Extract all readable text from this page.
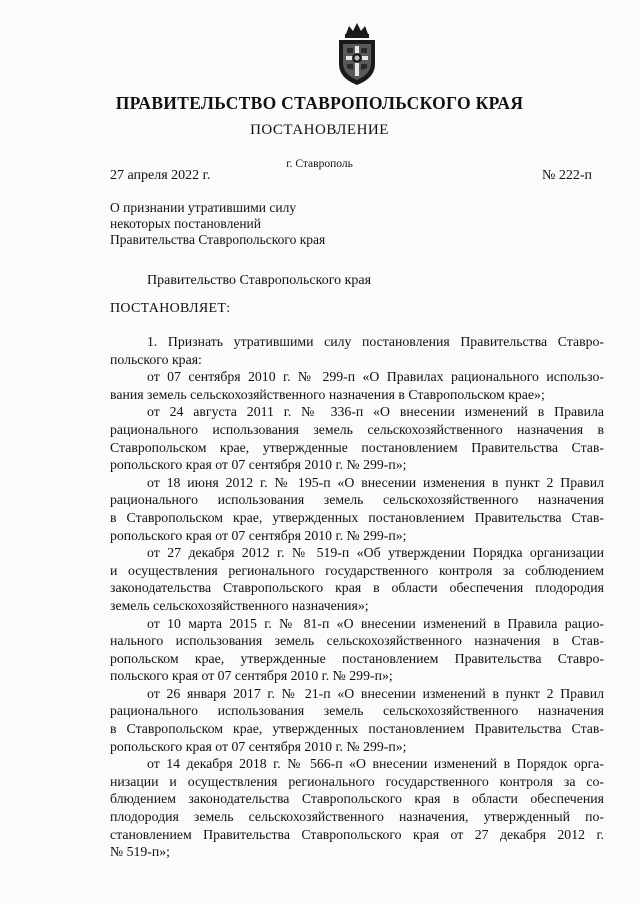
ПРАВИТЕЛЬСТВО СТАВРОПОЛЬСКОГО КРАЯ
ПОСТАНОВЛЕНИЕ
г. Ставрополь
27 апреля 2022 г.	№ 222-п
О признании утратившими силу
некоторых постановлений
Правительства Ставропольского края
Правительство Ставропольского края
ПОСТАНОВЛЯЕТ:
1. Признать утратившими силу постановления Правительства Ставро-
польского края:
от 07 сентября 2010 г. № 299-п «О Правилах рационального использо-
вания земель сельскохозяйственного назначения в Ставропольском крае»;
от 24 августа 2011 г. № 336-п «О внесении изменений в Правила
рационального использования земель сельскохозяйственного назначения в
Ставропольском крае, утвержденные постановлением Правительства Став-
ропольского края от 07 сентября 2010 г. № 299-п»;
от 18 июня 2012 г. № 195-п «О внесении изменения в пункт 2 Правил
рационального использования земель сельскохозяйственного назначения
в Ставропольском крае, утвержденных постановлением Правительства Став-
ропольского края от 07 сентября 2010 г. № 299-п»;
от 27 декабря 2012 г. № 519-п «Об утверждении Порядка организации
и осуществления регионального государственного контроля за соблюдением
законодательства Ставропольского края в области обеспечения плодородия
земель сельскохозяйственного назначения»;
от 10 марта 2015 г. № 81-п «О внесении изменений в Правила рацио-
нального использования земель сельскохозяйственного назначения в Став-
ропольском крае, утвержденные постановлением Правительства Ставро-
польского края от 07 сентября 2010 г. № 299-п»;
от 26 января 2017 г. № 21-п «О внесении изменений в пункт 2 Правил
рационального использования земель сельскохозяйственного назначения
в Ставропольском крае, утвержденных постановлением Правительства Став-
ропольского края от 07 сентября 2010 г. № 299-п»;
от 14 декабря 2018 г. № 566-п «О внесении изменений в Порядок орга-
низации и осуществления регионального государственного контроля за со-
блюдением законодательства Ставропольского края в области обеспечения
плодородия земель сельскохозяйственного назначения, утвержденный по-
становлением Правительства Ставропольского края от 27 декабря 2012 г.
№ 519-п»;
